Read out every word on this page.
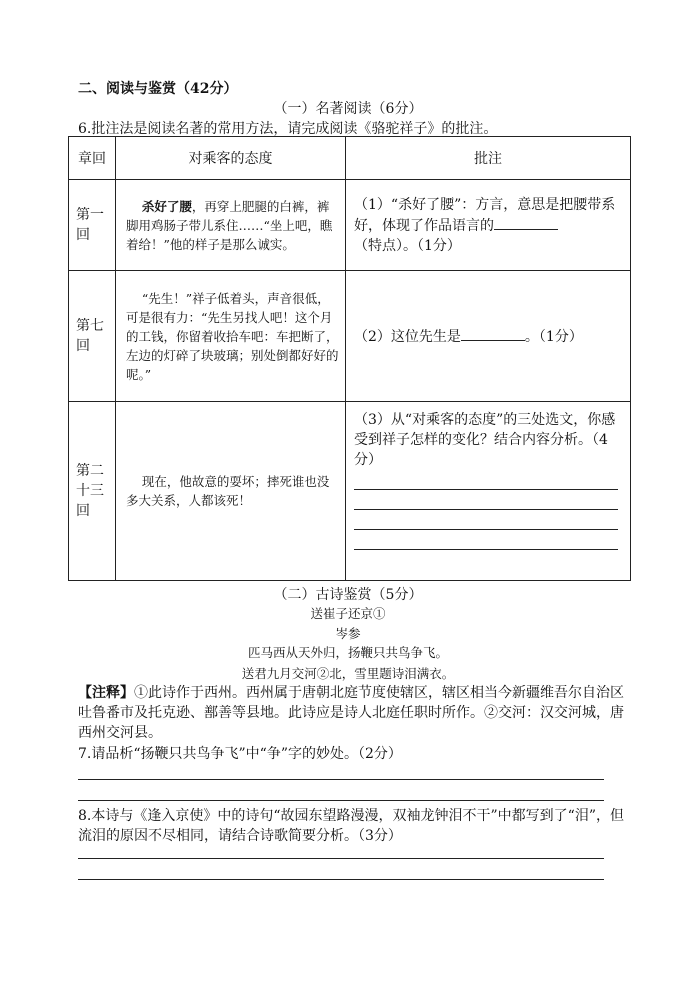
二、阅读与鉴赏（42分）
（一）名著阅读（6分）
6.批注法是阅读名著的常用方法，请完成阅读《骆驼祥子》的批注。
章回	对乘客的态度	批注
第一回	杀好了腰，再穿上肥腿的白裤，裤脚用鸡肠子带儿系住……“坐上吧，瞧着给！”他的样子是那么诚实。	（1）“杀好了腰”：方言，意思是把腰带系好，体现了作品语言的
（特点）。（1分）
第七回	“先生！”祥子低着头，声音很低，可是很有力：“先生另找人吧！这个月的工钱，你留着收拾车吧：车把断了，左边的灯碎了块玻璃；别处倒都好好的呢。”	（2）这位先生是 。（1分）
第二十三回	现在，他故意的耍坏；摔死谁也没多大关系，人都该死！	（3）从“对乘客的态度”的三处选文，你感受到祥子怎样的变化？结合内容分析。（4分）
（二）古诗鉴赏（5分）
送崔子还京①
岑参
匹马西从天外归，扬鞭只共鸟争飞。
送君九月交河②北，雪里题诗泪满衣。
【注释】①此诗作于西州。西州属于唐朝北庭节度使辖区，辖区相当今新疆维吾尔自治区吐鲁番市及托克逊、鄯善等县地。此诗应是诗人北庭任职时所作。②交河：汉交河城，唐西州交河县。
7.请品析“扬鞭只共鸟争飞”中“争”字的妙处。（2分）
8.本诗与《逢入京使》中的诗句“故园东望路漫漫，双袖龙钟泪不干”中都写到了“泪”，但流泪的原因不尽相同，请结合诗歌简要分析。（3分）
